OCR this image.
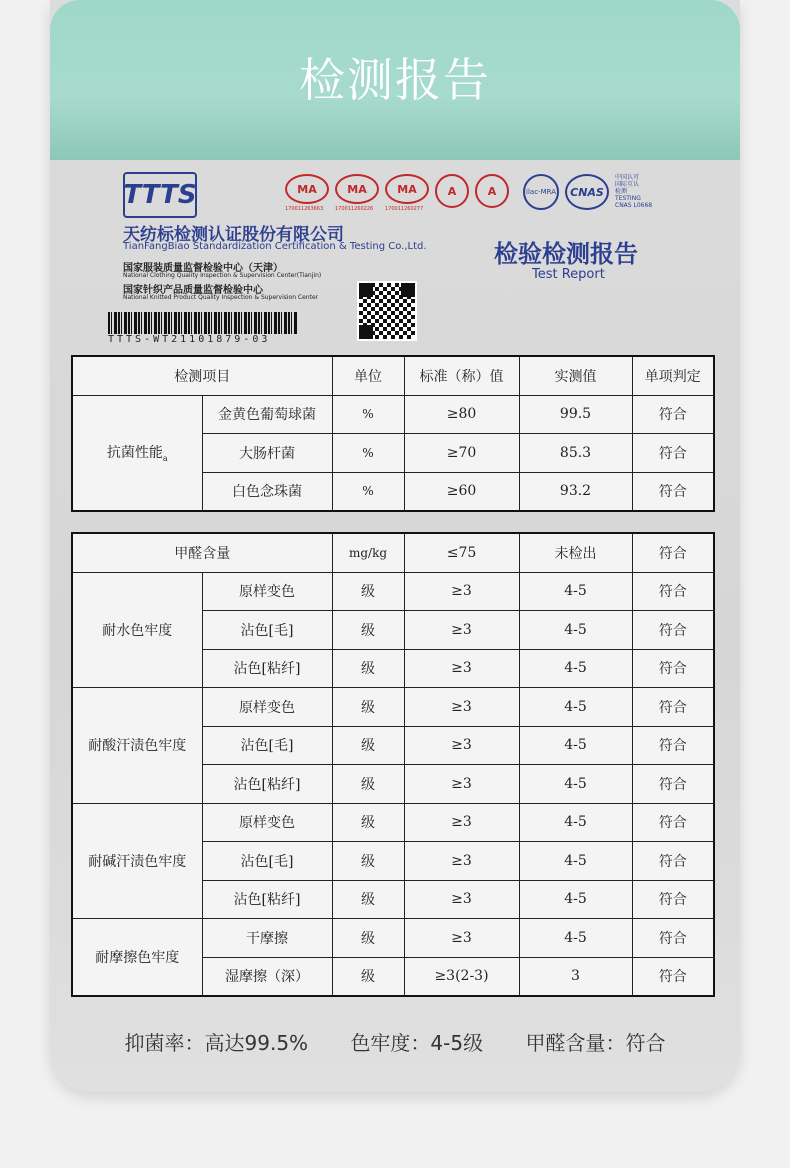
检测报告
TTTS
天纺标检测认证股份有限公司
TianFangBiao Standardization Certification & Testing Co.,Ltd.
国家服装质量监督检验中心（天津）
National Clothing Quality Inspection & Supervision Center(Tianjin)
国家针织产品质量监督检验中心
National Knitted Product Quality Inspection & Supervision Center
TTTS-WT21101879-03
MA
170011263663
MA
170011260226
MA
170011260277
A	A	ilac-MRA CNAS
中国认可
国际互认
检测
TESTING
CNAS L0668
检验检测报告
Test Report
检测项目		单位	标准（称）值	实测值	单项判定
抗菌性能$_a$	金黄色葡萄球菌	%	≥80	99.5	符合
	大肠杆菌	%	≥70	85.3	符合
	白色念珠菌	%	≥60	93.2	符合
甲醛含量		mg/kg	≤75	未检出	符合
耐水色牢度	原样变色	级	≥3	4-5	符合
	沾色[毛]	级	≥3	4-5	符合
	沾色[粘纤]	级	≥3	4-5	符合
耐酸汗渍色牢度	原样变色	级	≥3	4-5	符合
	沾色[毛]	级	≥3	4-5	符合
	沾色[粘纤]	级	≥3	4-5	符合
耐碱汗渍色牢度	原样变色	级	≥3	4-5	符合
	沾色[毛]	级	≥3	4-5	符合
	沾色[粘纤]	级	≥3	4-5	符合
耐摩擦色牢度	干摩擦	级	≥3	4-5	符合
	湿摩擦（深）	级	≥3(2-3)	3	符合
抑菌率：高达99.5% 色牢度：4-5级 甲醛含量：符合
